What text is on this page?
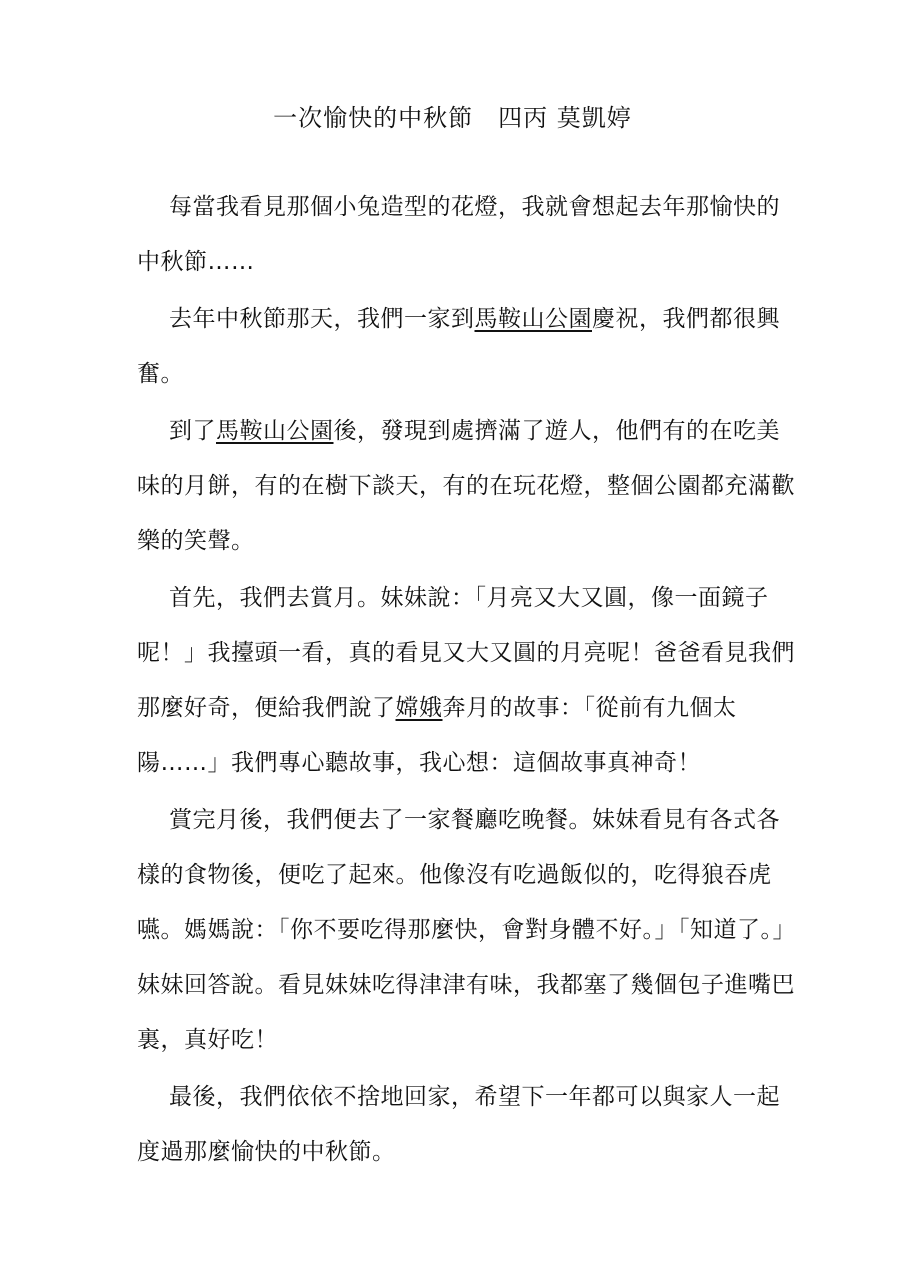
一次愉快的中秋節　四丙 莫凱婷

每當我看見那個小兔造型的花燈，我就會想起去年那愉快的中秋節……

去年中秋節那天，我們一家到馬鞍山公園慶祝，我們都很興奮。

到了馬鞍山公園後，發現到處擠滿了遊人，他們有的在吃美味的月餅，有的在樹下談天，有的在玩花燈，整個公園都充滿歡樂的笑聲。

首先，我們去賞月。妹妹說：「月亮又大又圓，像一面鏡子呢！」我擡頭一看，真的看見又大又圓的月亮呢！爸爸看見我們那麼好奇，便給我們說了嫦娥奔月的故事：「從前有九個太陽……」我們專心聽故事，我心想：這個故事真神奇！

賞完月後，我們便去了一家餐廳吃晚餐。妹妹看見有各式各樣的食物後，便吃了起來。他像沒有吃過飯似的，吃得狼吞虎嚥。媽媽說：「你不要吃得那麼快，會對身體不好。」「知道了。」妹妹回答說。看見妹妹吃得津津有味，我都塞了幾個包子進嘴巴裏，真好吃！

最後，我們依依不捨地回家，希望下一年都可以與家人一起度過那麼愉快的中秋節。
